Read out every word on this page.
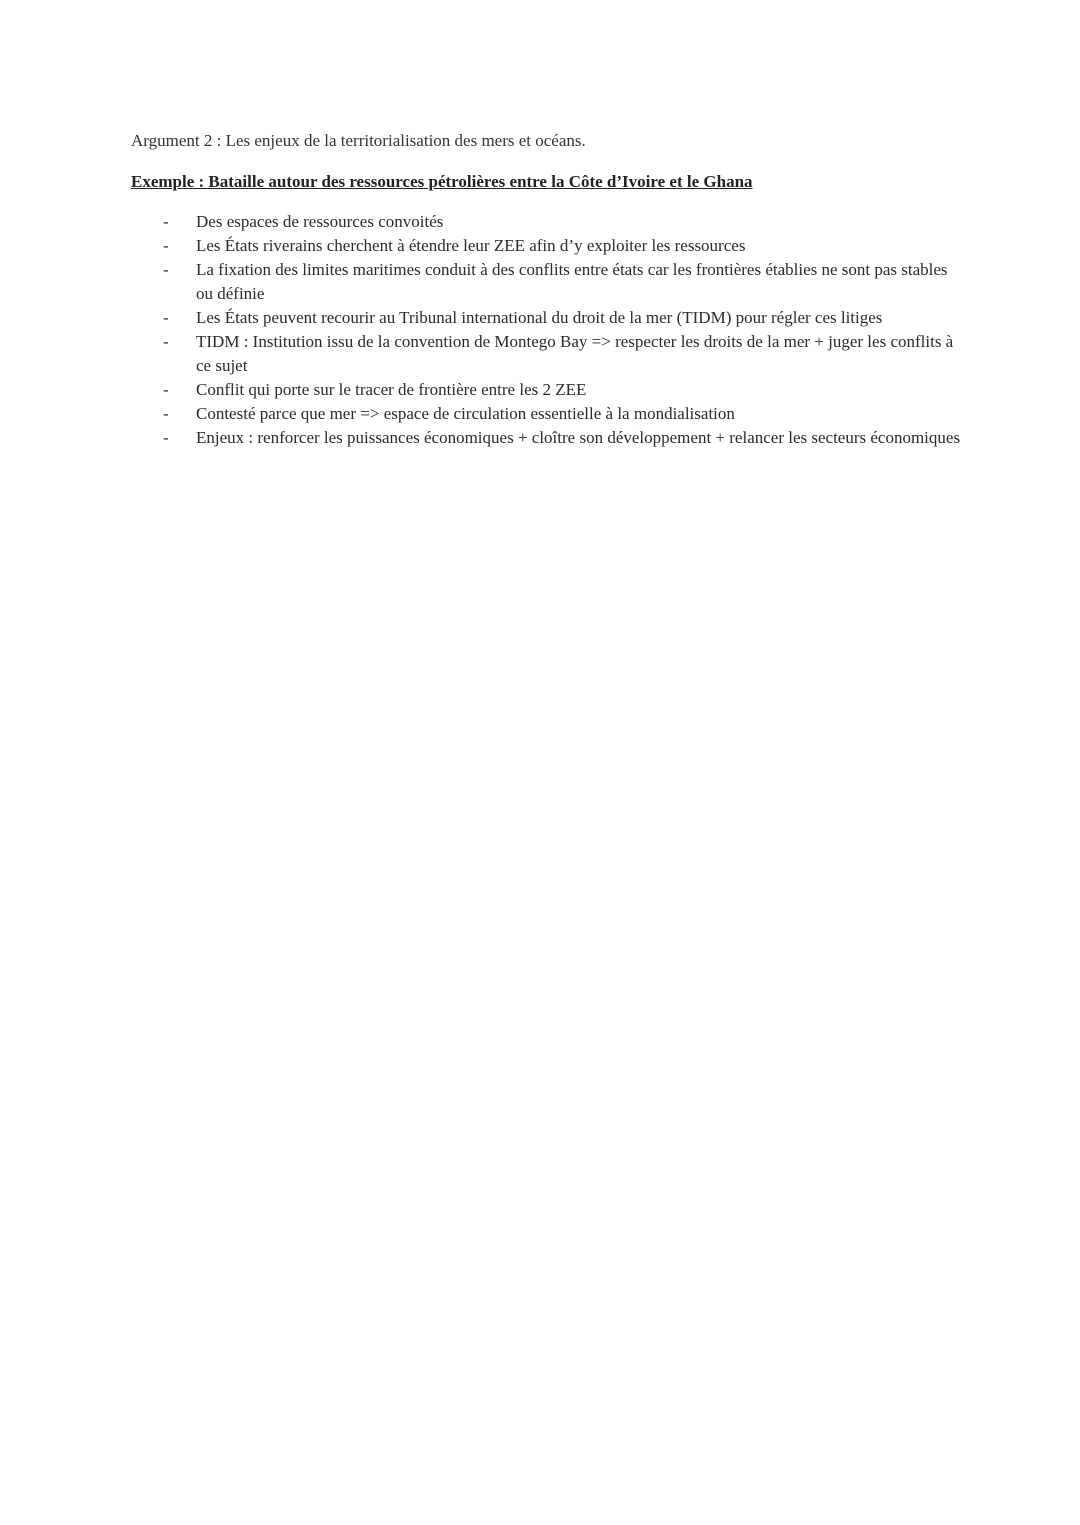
Argument 2 : Les enjeux de la territorialisation des mers et océans.
Exemple : Bataille autour des ressources pétrolières entre la Côte d’Ivoire et le Ghana
- Des espaces de ressources convoités
- Les États riverains cherchent à étendre leur ZEE afin d’y exploiter les ressources
- La fixation des limites maritimes conduit à des conflits entre états car les frontières établies ne sont pas stables ou définie
- Les États peuvent recourir au Tribunal international du droit de la mer (TIDM) pour régler ces litiges
- TIDM : Institution issu de la convention de Montego Bay => respecter les droits de la mer + juger les conflits à ce sujet
- Conflit qui porte sur le tracer de frontière entre les 2 ZEE
- Contesté parce que mer => espace de circulation essentielle à la mondialisation
- Enjeux : renforcer les puissances économiques + cloître son développement + relancer les secteurs économiques
